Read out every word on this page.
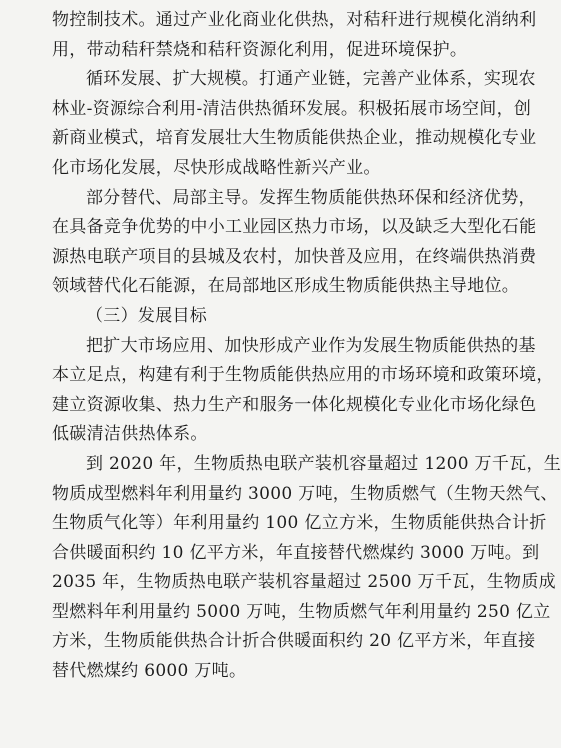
物控制技术。通过产业化商业化供热，对秸秆进行规模化消纳利
用，带动秸秆禁烧和秸秆资源化利用，促进环境保护。
循环发展、扩大规模。打通产业链，完善产业体系，实现农
林业-资源综合利用-清洁供热循环发展。积极拓展市场空间，创
新商业模式，培育发展壮大生物质能供热企业，推动规模化专业
化市场化发展，尽快形成战略性新兴产业。
部分替代、局部主导。发挥生物质能供热环保和经济优势，
在具备竞争优势的中小工业园区热力市场，以及缺乏大型化石能
源热电联产项目的县城及农村，加快普及应用，在终端供热消费
领域替代化石能源，在局部地区形成生物质能供热主导地位。
（三）发展目标
把扩大市场应用、加快形成产业作为发展生物质能供热的基
本立足点，构建有利于生物质能供热应用的市场环境和政策环境，
建立资源收集、热力生产和服务一体化规模化专业化市场化绿色
低碳清洁供热体系。
到 2020 年，生物质热电联产装机容量超过 1200 万千瓦，生
物质成型燃料年利用量约 3000 万吨，生物质燃气（生物天然气、
生物质气化等）年利用量约 100 亿立方米，生物质能供热合计折
合供暖面积约 10 亿平方米，年直接替代燃煤约 3000 万吨。到
2035 年，生物质热电联产装机容量超过 2500 万千瓦，生物质成
型燃料年利用量约 5000 万吨，生物质燃气年利用量约 250 亿立
方米，生物质能供热合计折合供暖面积约 20 亿平方米，年直接
替代燃煤约 6000 万吨。
